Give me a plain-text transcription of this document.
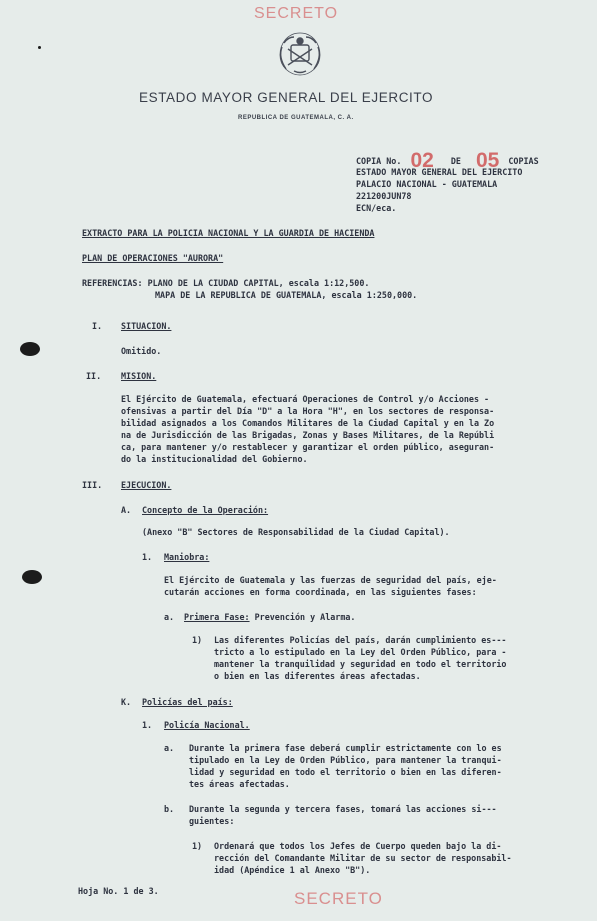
SECRETO
ESTADO MAYOR GENERAL DEL EJERCITO
REPUBLICA DE GUATEMALA, C. A.
COPIA No. 02 DE 05 COPIAS
ESTADO MAYOR GENERAL DEL EJERCITO
PALACIO NACIONAL - GUATEMALA
221200JUN78
ECN/eca.
EXTRACTO PARA LA POLICIA NACIONAL Y LA GUARDIA DE HACIENDA
PLAN DE OPERACIONES "AURORA"
REFERENCIAS: PLANO DE LA CIUDAD CAPITAL, escala 1:12,500.
MAPA DE LA REPUBLICA DE GUATEMALA, escala 1:250,000.
I. SITUACION.
Omitido.
II. MISION.
El Ejército de Guatemala, efectuará Operaciones de Control y/o Acciones -
ofensivas a partir del Día "D" a la Hora "H", en los sectores de responsa-
bilidad asignados a los Comandos Militares de la Ciudad Capital y en la Zo
na de Jurisdicción de las Brigadas, Zonas y Bases Militares, de la Repúbli
ca, para mantener y/o restablecer y garantizar el orden público, aseguran-
do la institucionalidad del Gobierno.
III. EJECUCION.
A. Concepto de la Operación:
(Anexo "B" Sectores de Responsabilidad de la Ciudad Capital).
1. Maniobra:
El Ejército de Guatemala y las fuerzas de seguridad del país, eje-
cutarán acciones en forma coordinada, en las siguientes fases:
a. Primera Fase: Prevención y Alarma.
1) Las diferentes Policías del país, darán cumplimiento es---
tricto a lo estipulado en la Ley del Orden Público, para -
mantener la tranquilidad y seguridad en todo el territorio
o bien en las diferentes áreas afectadas.
K. Policías del país:
1. Policía Nacional.
a. Durante la primera fase deberá cumplir estrictamente con lo es
tipulado en la Ley de Orden Público, para mantener la tranqui-
lidad y seguridad en todo el territorio o bien en las diferen-
tes áreas afectadas.
b. Durante la segunda y tercera fases, tomará las acciones si---
guientes:
1) Ordenará que todos los Jefes de Cuerpo queden bajo la di-
rección del Comandante Militar de su sector de responsabil-
idad (Apéndice 1 al Anexo "B").
Hoja No. 1 de 3.	SECRETO
